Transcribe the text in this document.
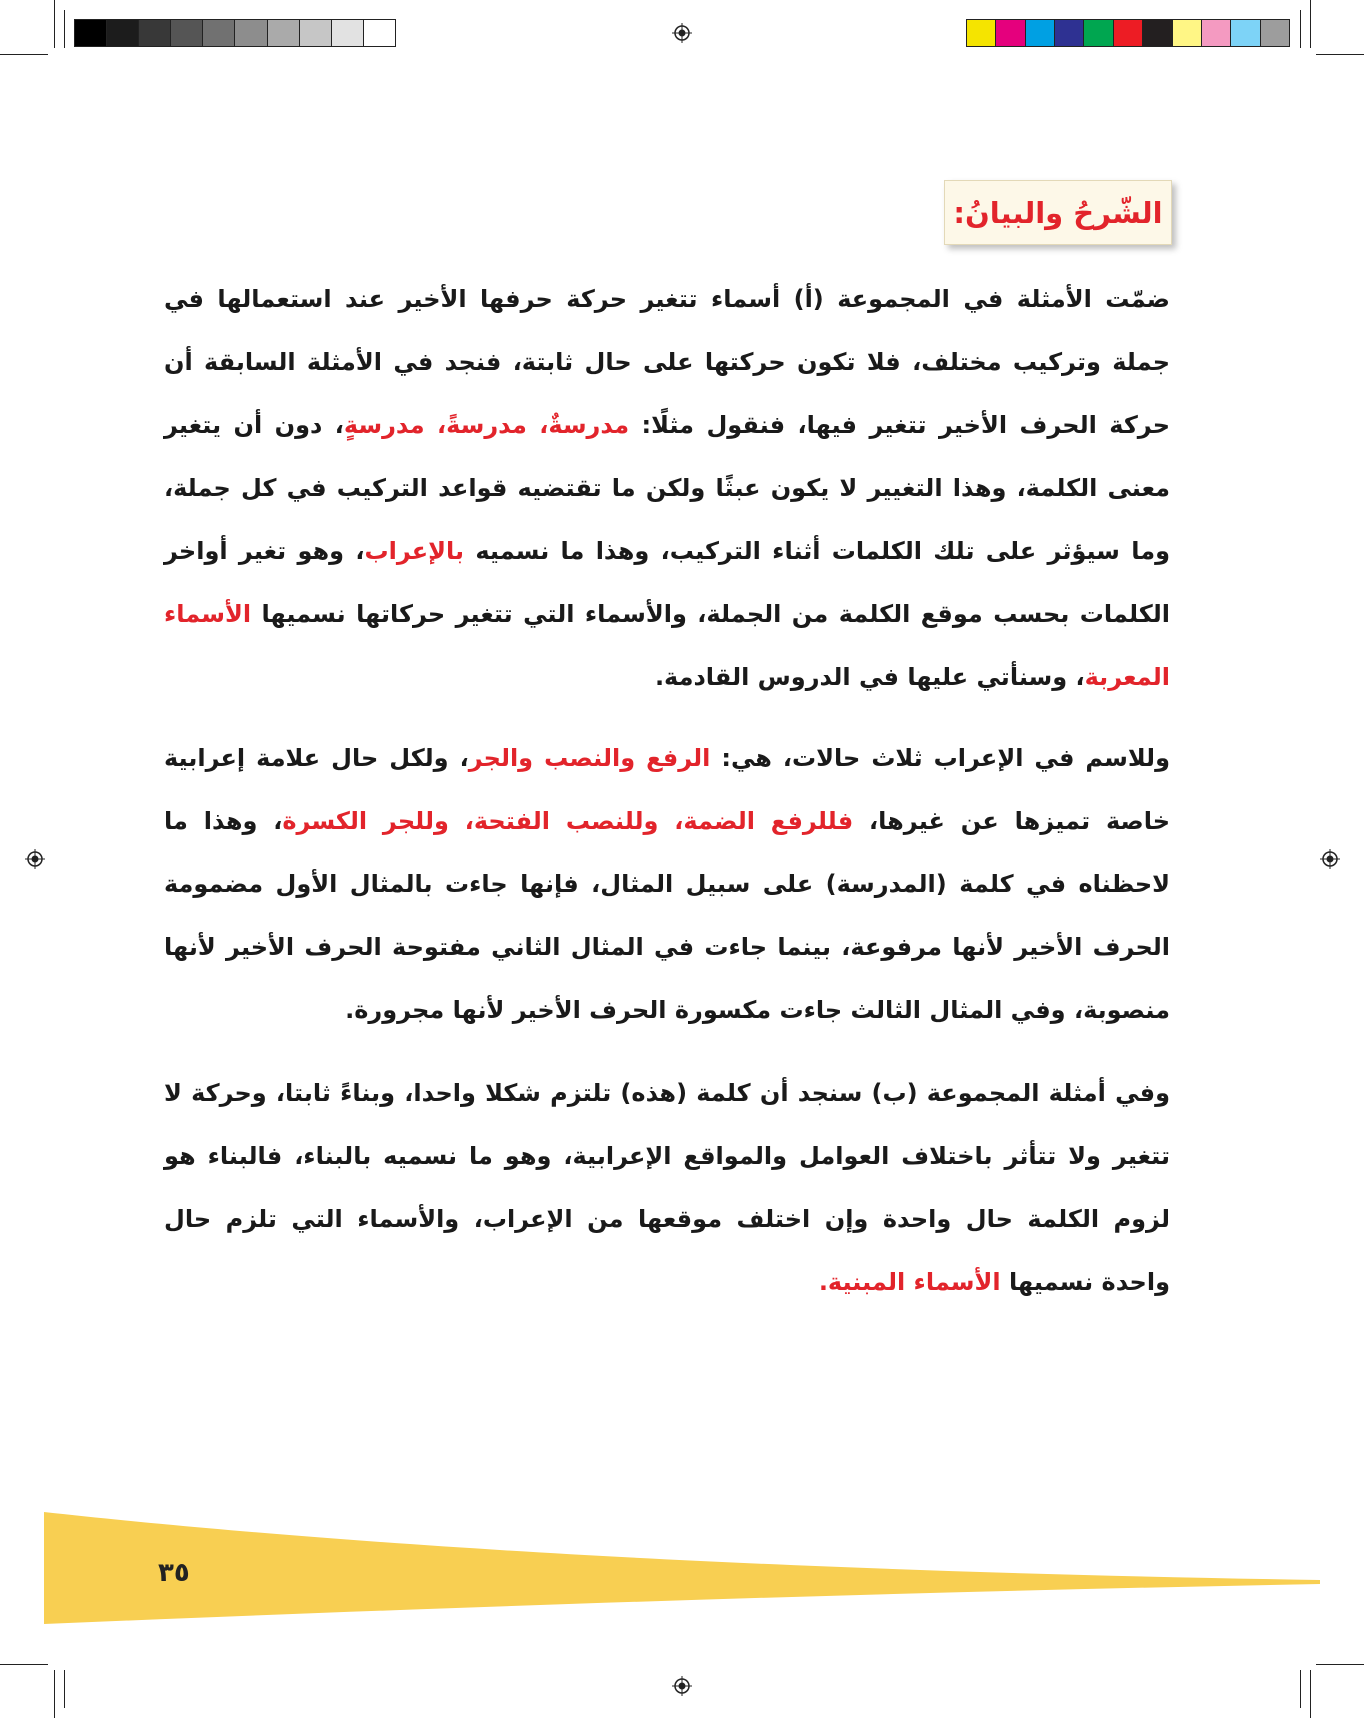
الشّرحُ والبيانُ:

ضمّت الأمثلة في المجموعة (أ) أسماء تتغير حركة حرفها الأخير عند استعمالها في جملة وتركيب مختلف، فلا تكون حركتها على حال ثابتة، فنجد في الأمثلة السابقة أن حركة الحرف الأخير تتغير فيها، فنقول مثلًا: مدرسةٌ، مدرسةً، مدرسةٍ، دون أن يتغير معنى الكلمة، وهذا التغيير لا يكون عبثًا ولكن ما تقتضيه قواعد التركيب في كل جملة، وما سيؤثر على تلك الكلمات أثناء التركيب، وهذا ما نسميه بالإعراب، وهو تغير أواخر الكلمات بحسب موقع الكلمة من الجملة، والأسماء التي تتغير حركاتها نسميها الأسماء المعربة، وسنأتي عليها في الدروس القادمة.

وللاسم في الإعراب ثلاث حالات، هي: الرفع والنصب والجر، ولكل حال علامة إعرابية خاصة تميزها عن غيرها، فللرفع الضمة، وللنصب الفتحة، وللجر الكسرة، وهذا ما لاحظناه في كلمة (المدرسة) على سبيل المثال، فإنها جاءت بالمثال الأول مضمومة الحرف الأخير لأنها مرفوعة، بينما جاءت في المثال الثاني مفتوحة الحرف الأخير لأنها منصوبة، وفي المثال الثالث جاءت مكسورة الحرف الأخير لأنها مجرورة.

وفي أمثلة المجموعة (ب) سنجد أن كلمة (هذه) تلتزم شكلا واحدا، وبناءً ثابتا، وحركة لا تتغير ولا تتأثر باختلاف العوامل والمواقع الإعرابية، وهو ما نسميه بالبناء، فالبناء هو لزوم الكلمة حال واحدة وإن اختلف موقعها من الإعراب، والأسماء التي تلزم حال واحدة نسميها الأسماء المبنية.

٣٥
